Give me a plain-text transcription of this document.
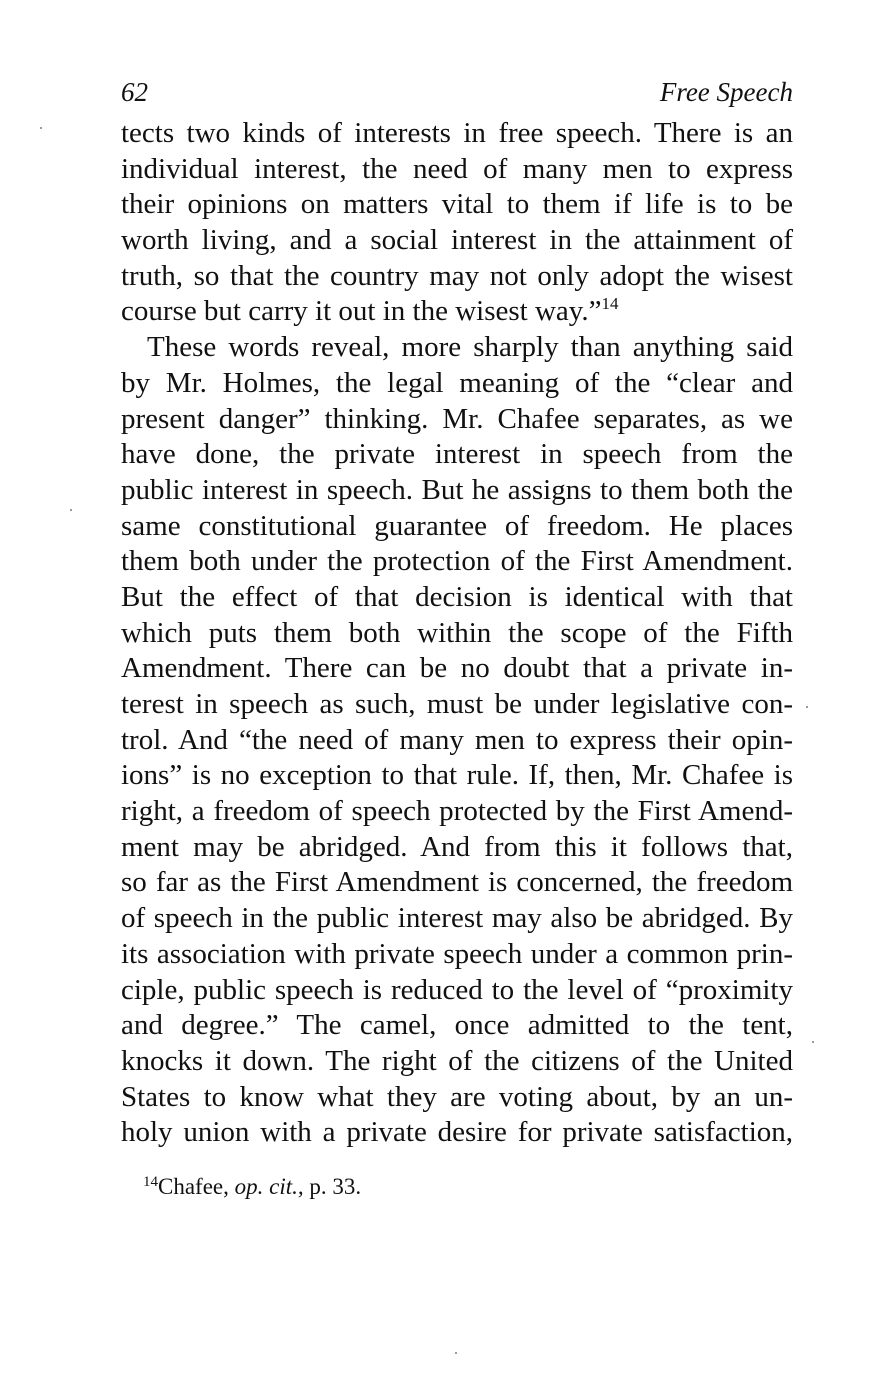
62	Free Speech
tects two kinds of interests in free speech. There is an
individual interest, the need of many men to express
their opinions on matters vital to them if life is to be
worth living, and a social interest in the attainment of
truth, so that the country may not only adopt the wisest
course but carry it out in the wisest way.”$^{14}$
These words reveal, more sharply than anything said
by Mr. Holmes, the legal meaning of the “clear and
present danger” thinking. Mr. Chafee separates, as we
have done, the private interest in speech from the
public interest in speech. But he assigns to them both the
same constitutional guarantee of freedom. He places
them both under the protection of the First Amendment.
But the effect of that decision is identical with that
which puts them both within the scope of the Fifth
Amendment. There can be no doubt that a private in-
terest in speech as such, must be under legislative con-
trol. And “the need of many men to express their opin-
ions” is no exception to that rule. If, then, Mr. Chafee is
right, a freedom of speech protected by the First Amend-
ment may be abridged. And from this it follows that,
so far as the First Amendment is concerned, the freedom
of speech in the public interest may also be abridged. By
its association with private speech under a common prin-
ciple, public speech is reduced to the level of “proximity
and degree.” The camel, once admitted to the tent,
knocks it down. The right of the citizens of the United
States to know what they are voting about, by an un-
holy union with a private desire for private satisfaction,
$^{14}$Chafee, op. cit., p. 33.
